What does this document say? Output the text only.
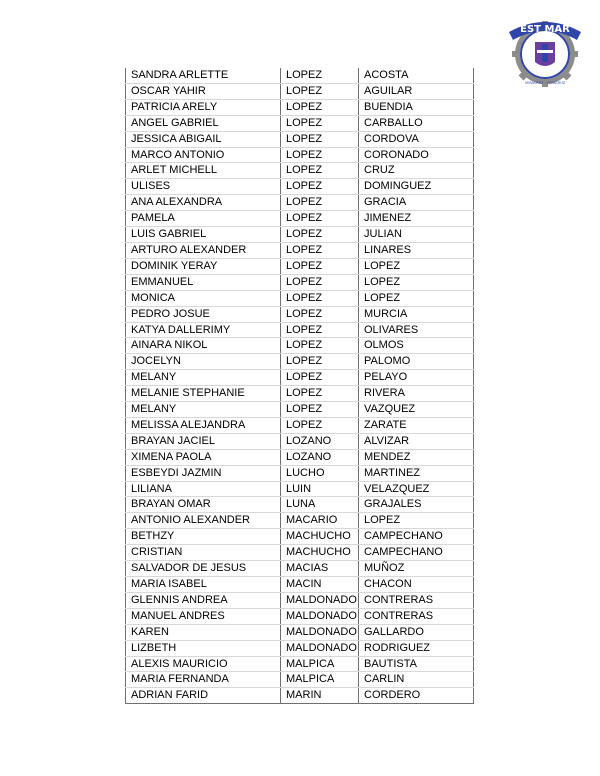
EST MAR
CELAYA
VERACRUZ · VERACRUZ
SANDRA ARLETTE	LOPEZ	ACOSTA
OSCAR YAHIR	LOPEZ	AGUILAR
PATRICIA ARELY	LOPEZ	BUENDIA
ANGEL GABRIEL	LOPEZ	CARBALLO
JESSICA ABIGAIL	LOPEZ	CORDOVA
MARCO ANTONIO	LOPEZ	CORONADO
ARLET MICHELL	LOPEZ	CRUZ
ULISES	LOPEZ	DOMINGUEZ
ANA ALEXANDRA	LOPEZ	GRACIA
PAMELA	LOPEZ	JIMENEZ
LUIS GABRIEL	LOPEZ	JULIAN
ARTURO ALEXANDER	LOPEZ	LINARES
DOMINIK YERAY	LOPEZ	LOPEZ
EMMANUEL	LOPEZ	LOPEZ
MONICA	LOPEZ	LOPEZ
PEDRO JOSUE	LOPEZ	MURCIA
KATYA DALLERIMY	LOPEZ	OLIVARES
AINARA NIKOL	LOPEZ	OLMOS
JOCELYN	LOPEZ	PALOMO
MELANY	LOPEZ	PELAYO
MELANIE STEPHANIE	LOPEZ	RIVERA
MELANY	LOPEZ	VAZQUEZ
MELISSA ALEJANDRA	LOPEZ	ZARATE
BRAYAN JACIEL	LOZANO	ALVIZAR
XIMENA PAOLA	LOZANO	MENDEZ
ESBEYDI JAZMIN	LUCHO	MARTINEZ
LILIANA	LUIN	VELAZQUEZ
BRAYAN OMAR	LUNA	GRAJALES
ANTONIO ALEXANDER	MACARIO	LOPEZ
BETHZY	MACHUCHO	CAMPECHANO
CRISTIAN	MACHUCHO	CAMPECHANO
SALVADOR DE JESUS	MACIAS	MUÑOZ
MARIA ISABEL	MACIN	CHACON
GLENNIS ANDREA	MALDONADO	CONTRERAS
MANUEL ANDRES	MALDONADO	CONTRERAS
KAREN	MALDONADO	GALLARDO
LIZBETH	MALDONADO	RODRIGUEZ
ALEXIS MAURICIO	MALPICA	BAUTISTA
MARIA FERNANDA	MALPICA	CARLIN
ADRIAN FARID	MARIN	CORDERO
